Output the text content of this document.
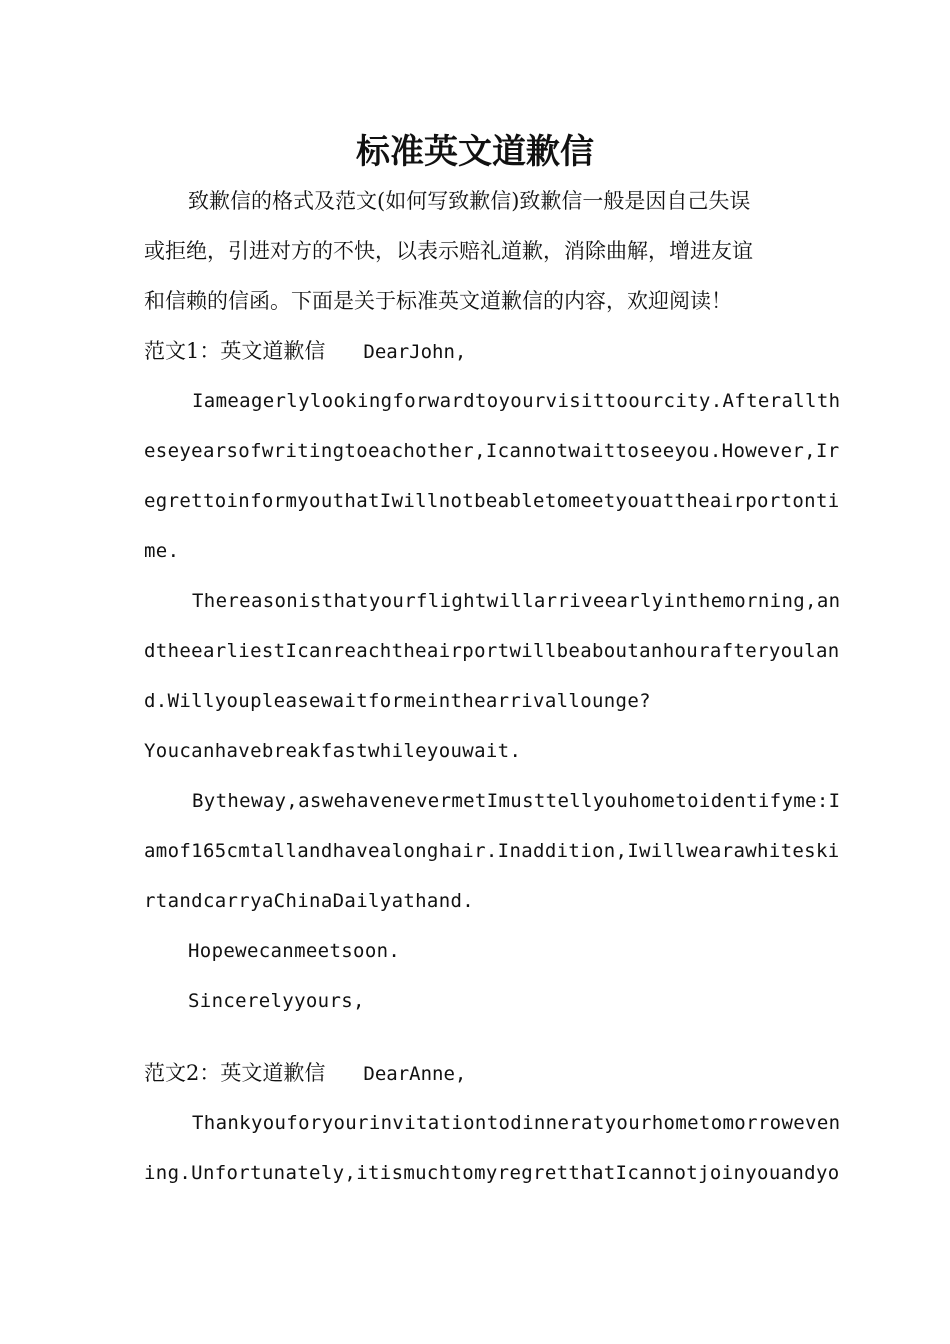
标准英文道歉信

致歉信的格式及范文(如何写致歉信)致歉信一般是因自己失误

或拒绝，引进对方的不快，以表示赔礼道歉，消除曲解，增进友谊

和信赖的信函。下面是关于标准英文道歉信的内容，欢迎阅读！

范文1：英文道歉信 DearJohn,

Iameagerlylookingforwardtoyourvisittoourcity.Afterallth

eseyearsofwritingtoeachother,Icannotwaittoseeyou.However,Ir

egrettoinformyouthatIwillnotbeabletomeetyouattheairportonti

me.

Thereasonisthatyourflightwillarriveearlyinthemorning,an

dtheearliestIcanreachtheairportwillbeaboutanhourafteryoulan

d.Willyoupleasewaitformeinthearrivallounge?

Youcanhavebreakfastwhileyouwait.

Bytheway,aswehavenevermetImusttellyouhometoidentifyme:I

amof165cmtallandhavealonghair.Inaddition,Iwillwearawhiteski

rtandcarryaChinaDailyathand.

Hopewecanmeetsoon.

Sincerelyyours,

范文2：英文道歉信 DearAnne,

Thankyouforyourinvitationtodinneratyourhometomorroweven

ing.Unfortunately,itismuchtomyregretthatIcannotjoinyouandyo
